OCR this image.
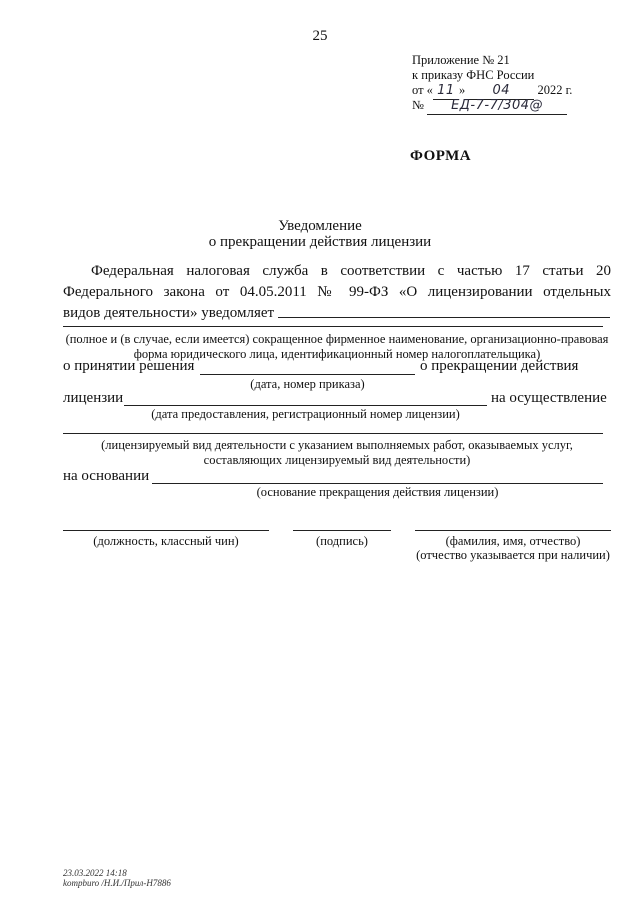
25
Приложение № 21
к приказу ФНС России
от « 11 » 04 2022 г.
№ ЕД-7-7/304@
ФОРМА
Уведомление
о прекращении действия лицензии
Федеральная налоговая служба в соответствии с частью 17 статьи 20
Федерального закона от 04.05.2011 № 99-ФЗ «О лицензировании отдельных
видов деятельности» уведомляет
(полное и (в случае, если имеется) сокращенное фирменное наименование, организационно-правовая
форма юридического лица, идентификационный номер налогоплательщика)
о принятии решения	о прекращении действия
(дата, номер приказа)
лицензии	на осуществление
(дата предоставления, регистрационный номер лицензии)
(лицензируемый вид деятельности с указанием выполняемых работ, оказываемых услуг,
составляющих лицензируемый вид деятельности)
на основании
(основание прекращения действия лицензии)
(должность, классный чин)	(подпись)	(фамилия, имя, отчество)
(отчество указывается при наличии)
23.03.2022 14:18
kompburo /Н.И./Прил-Н7886
